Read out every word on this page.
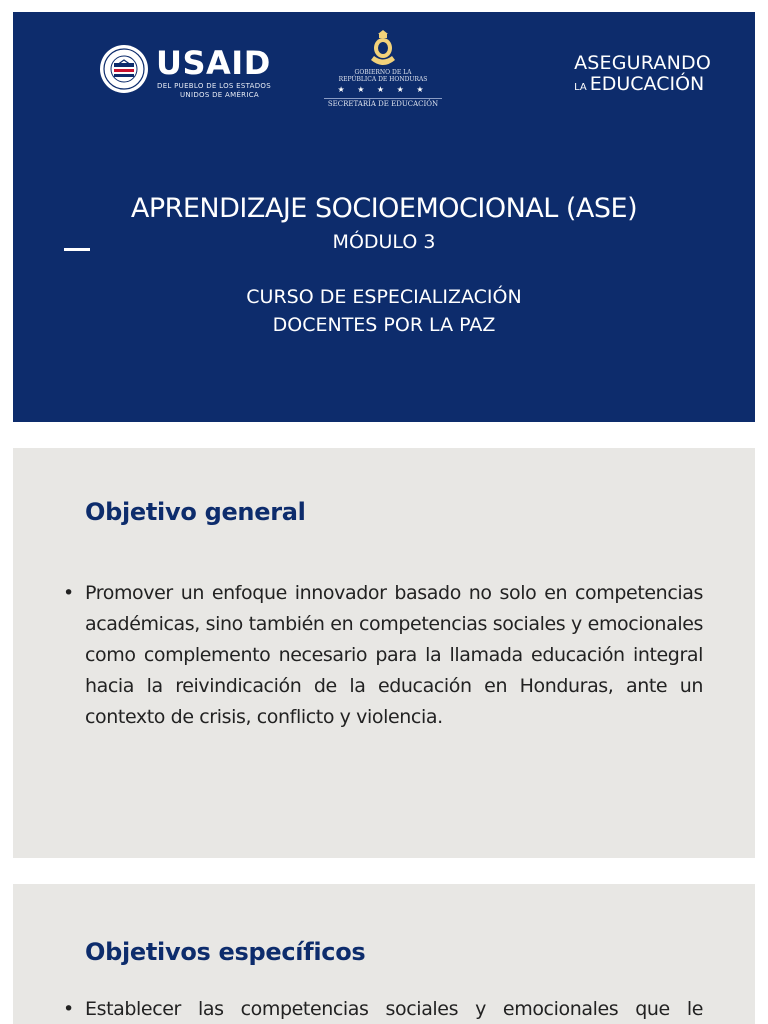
USAID
DEL PUEBLO DE LOS ESTADOS
UNIDOS DE AMÉRICA
GOBIERNO DE LA
REPÚBLICA DE HONDURAS
★ ★ ★ ★ ★
SECRETARÍA DE EDUCACIÓN
ASEGURANDO
LA EDUCACIÓN
APRENDIZAJE SOCIOEMOCIONAL (ASE)
MÓDULO 3
CURSO DE ESPECIALIZACIÓN
DOCENTES POR LA PAZ
Objetivo general
• Promover un enfoque innovador basado no solo en competencias académicas, sino también en competencias sociales y emocionales como complemento necesario para la llamada educación integral hacia la reivindicación de la educación en Honduras, ante un contexto de crisis, conflicto y violencia.
Objetivos específicos
• Establecer las competencias sociales y emocionales que le
